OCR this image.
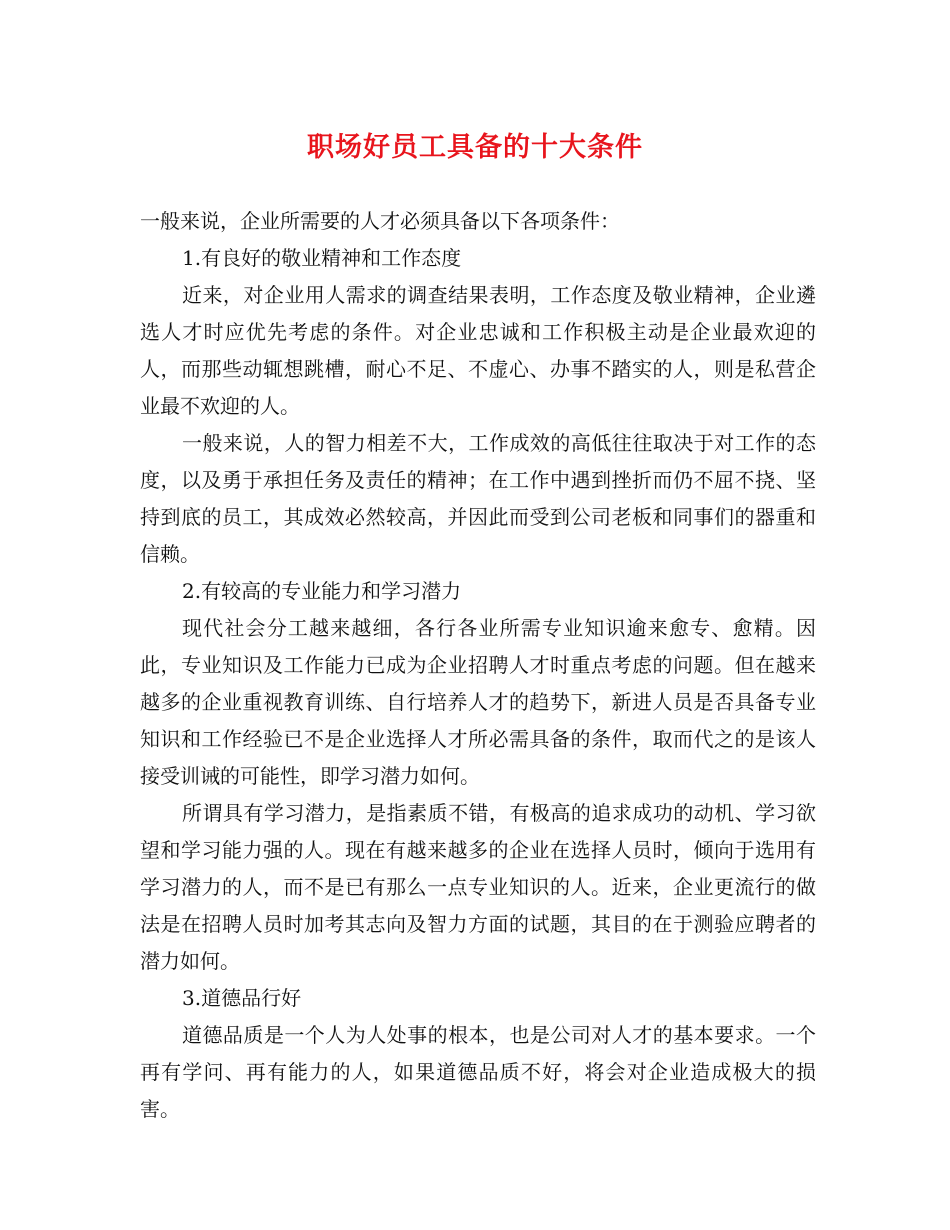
职场好员工具备的十大条件

一般来说，企业所需要的人才必须具备以下各项条件：

1.有良好的敬业精神和工作态度

近来，对企业用人需求的调查结果表明，工作态度及敬业精神，企业遴选人才时应优先考虑的条件。对企业忠诚和工作积极主动是企业最欢迎的人，而那些动辄想跳槽，耐心不足、不虚心、办事不踏实的人，则是私营企业最不欢迎的人。

一般来说，人的智力相差不大，工作成效的高低往往取决于对工作的态度，以及勇于承担任务及责任的精神；在工作中遇到挫折而仍不屈不挠、坚持到底的员工，其成效必然较高，并因此而受到公司老板和同事们的器重和信赖。

2.有较高的专业能力和学习潜力

现代社会分工越来越细，各行各业所需专业知识逾来愈专、愈精。因此，专业知识及工作能力已成为企业招聘人才时重点考虑的问题。但在越来越多的企业重视教育训练、自行培养人才的趋势下，新进人员是否具备专业知识和工作经验已不是企业选择人才所必需具备的条件，取而代之的是该人接受训诫的可能性，即学习潜力如何。

所谓具有学习潜力，是指素质不错，有极高的追求成功的动机、学习欲望和学习能力强的人。现在有越来越多的企业在选择人员时，倾向于选用有学习潜力的人，而不是已有那么一点专业知识的人。近来，企业更流行的做法是在招聘人员时加考其志向及智力方面的试题，其目的在于测验应聘者的潜力如何。

3.道德品行好

道德品质是一个人为人处事的根本，也是公司对人才的基本要求。一个再有学问、再有能力的人，如果道德品质不好，将会对企业造成极大的损害。
